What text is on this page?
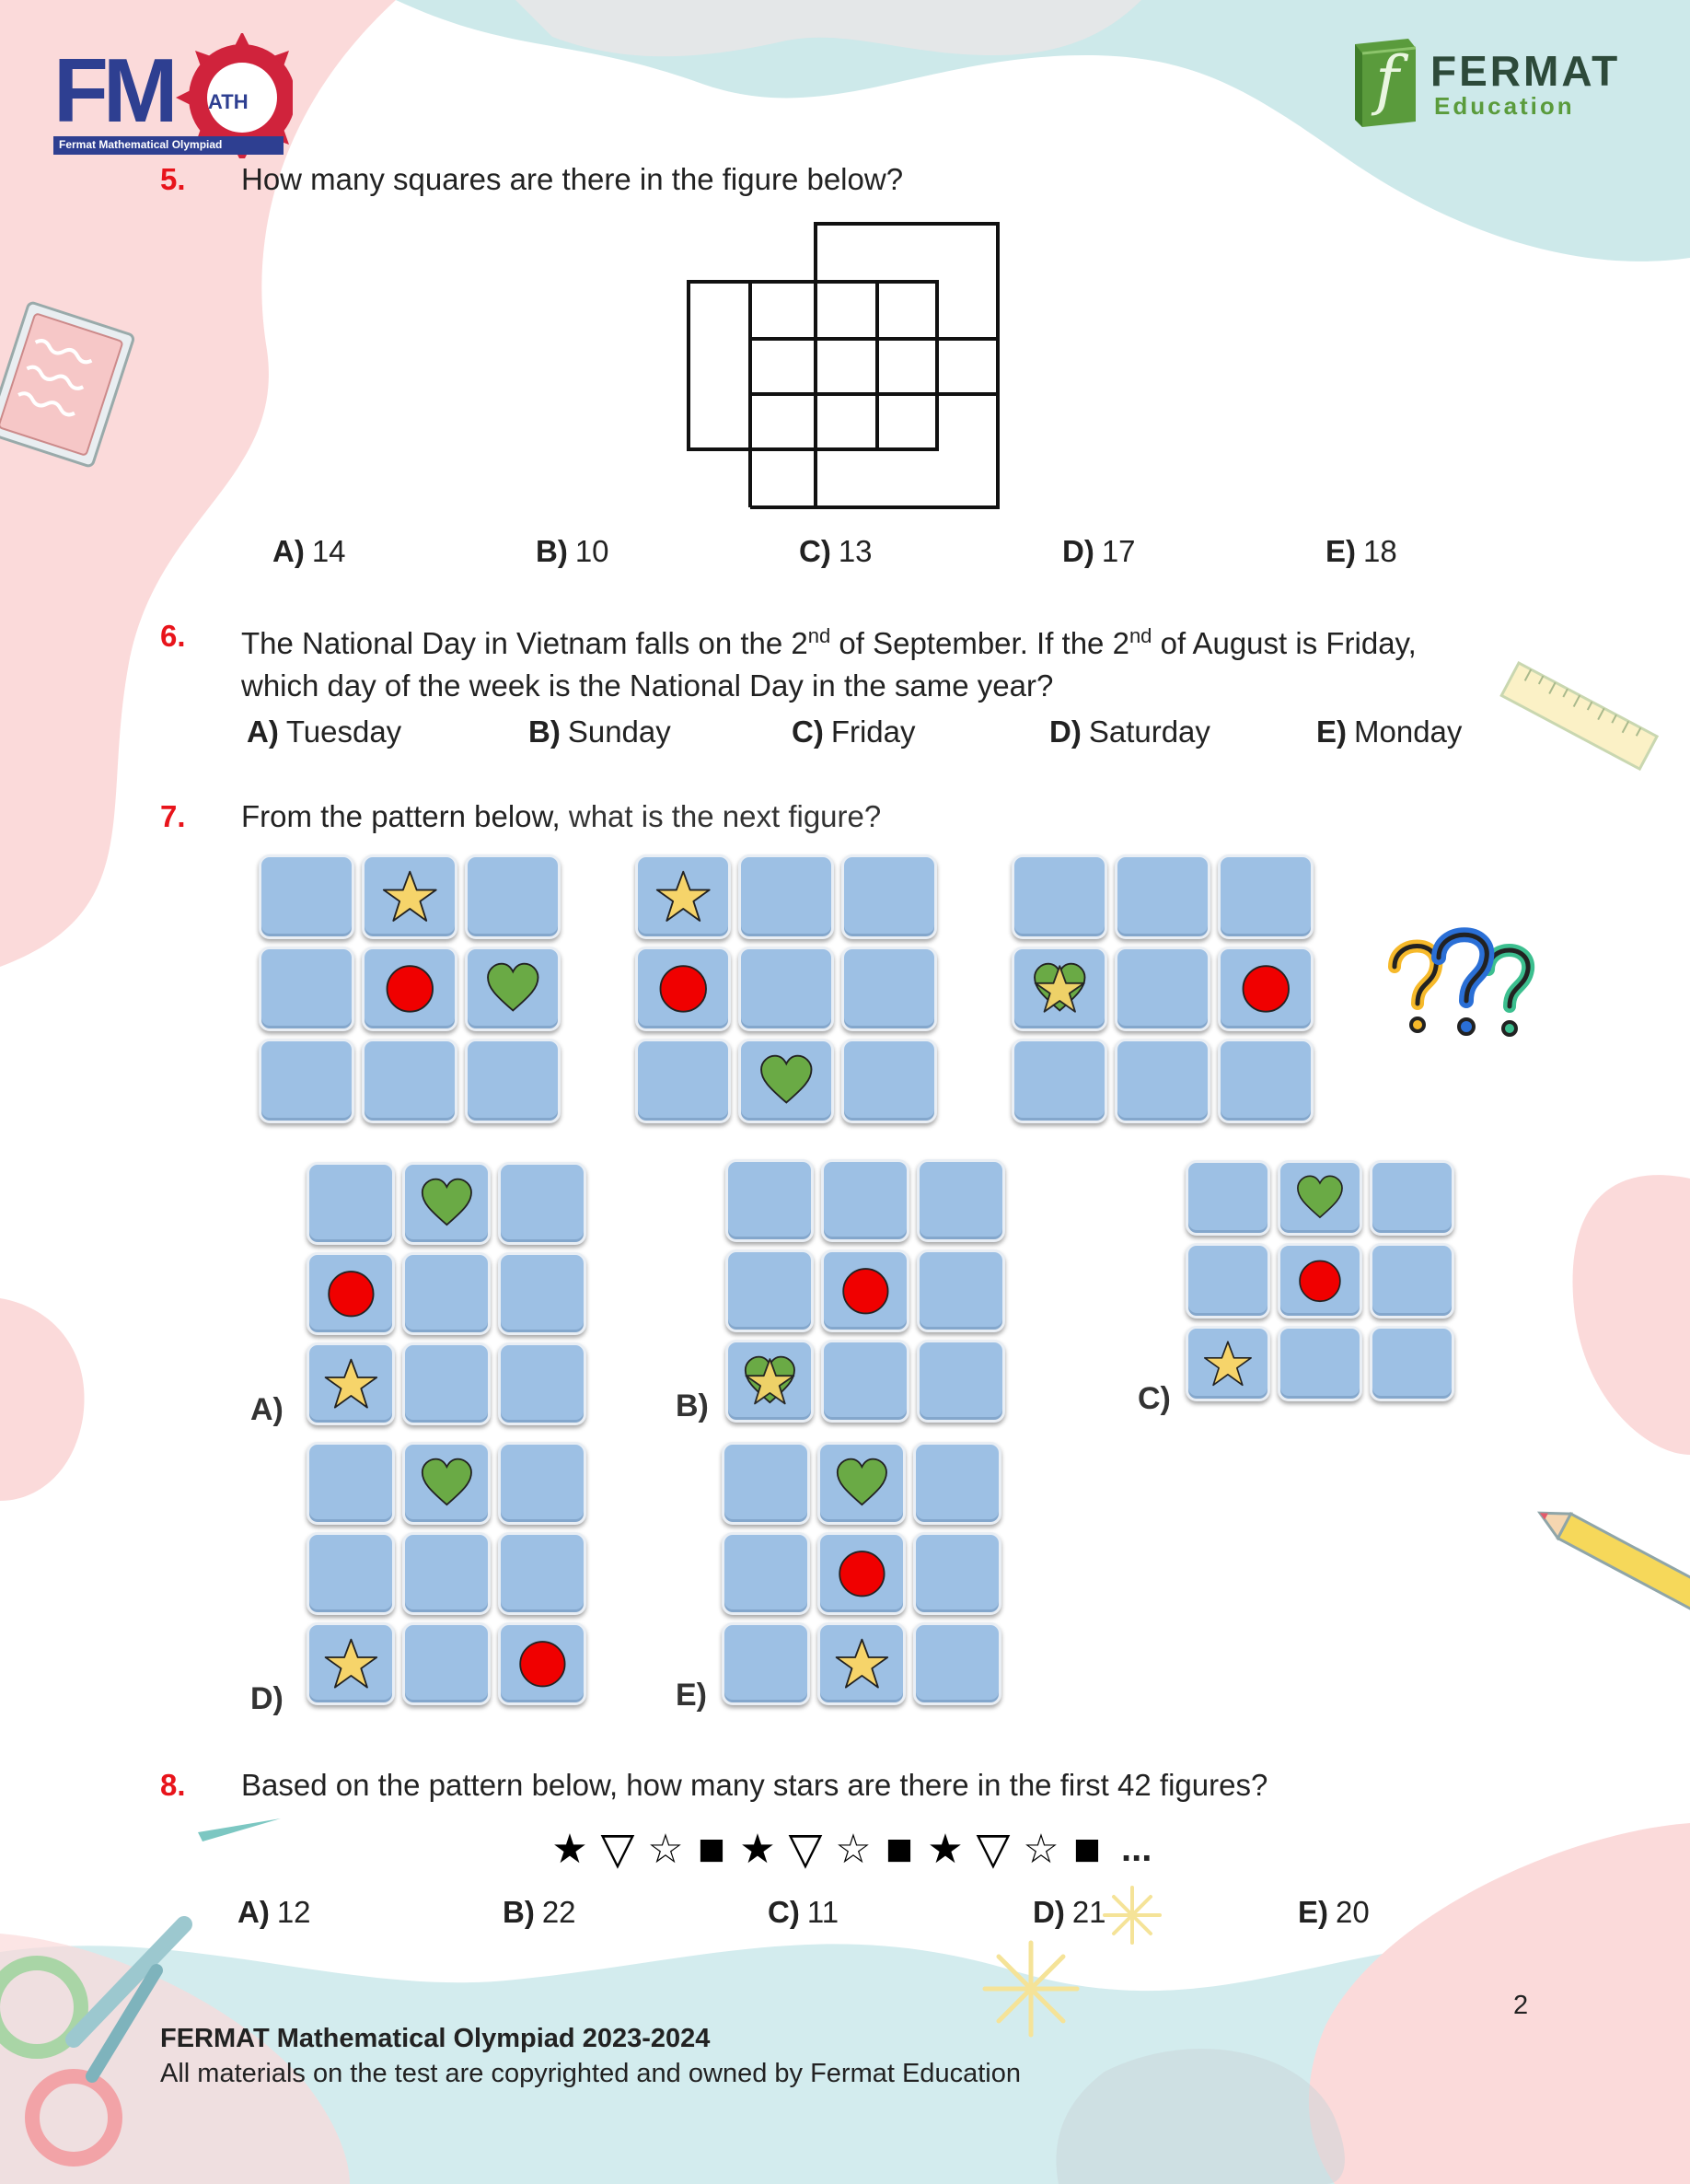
FM ATH
Fermat Mathematical Olympiad
f FERMAT
Education
5. How many squares are there in the figure below?
A) 14	B) 10	C) 13	D) 17	E) 18
6. The National Day in Vietnam falls on the 2nd of September. If the 2nd of August is Friday,
which day of the week is the National Day in the same year?
A) Tuesday	B) Sunday	C) Friday	D) Saturday	E) Monday
7. From the pattern below, what is the next figure?
8. Based on the pattern below, how many stars are there in the first 42 figures?
★ ▽ ☆ ■ ★ ▽ ☆ ■ ★ ▽ ☆ ■ ...
A) 12	B) 22	C) 11	D) 21	E) 20
2
FERMAT Mathematical Olympiad 2023-2024
All materials on the test are copyrighted and owned by Fermat Education
A)	B)	C)
D)	E)
